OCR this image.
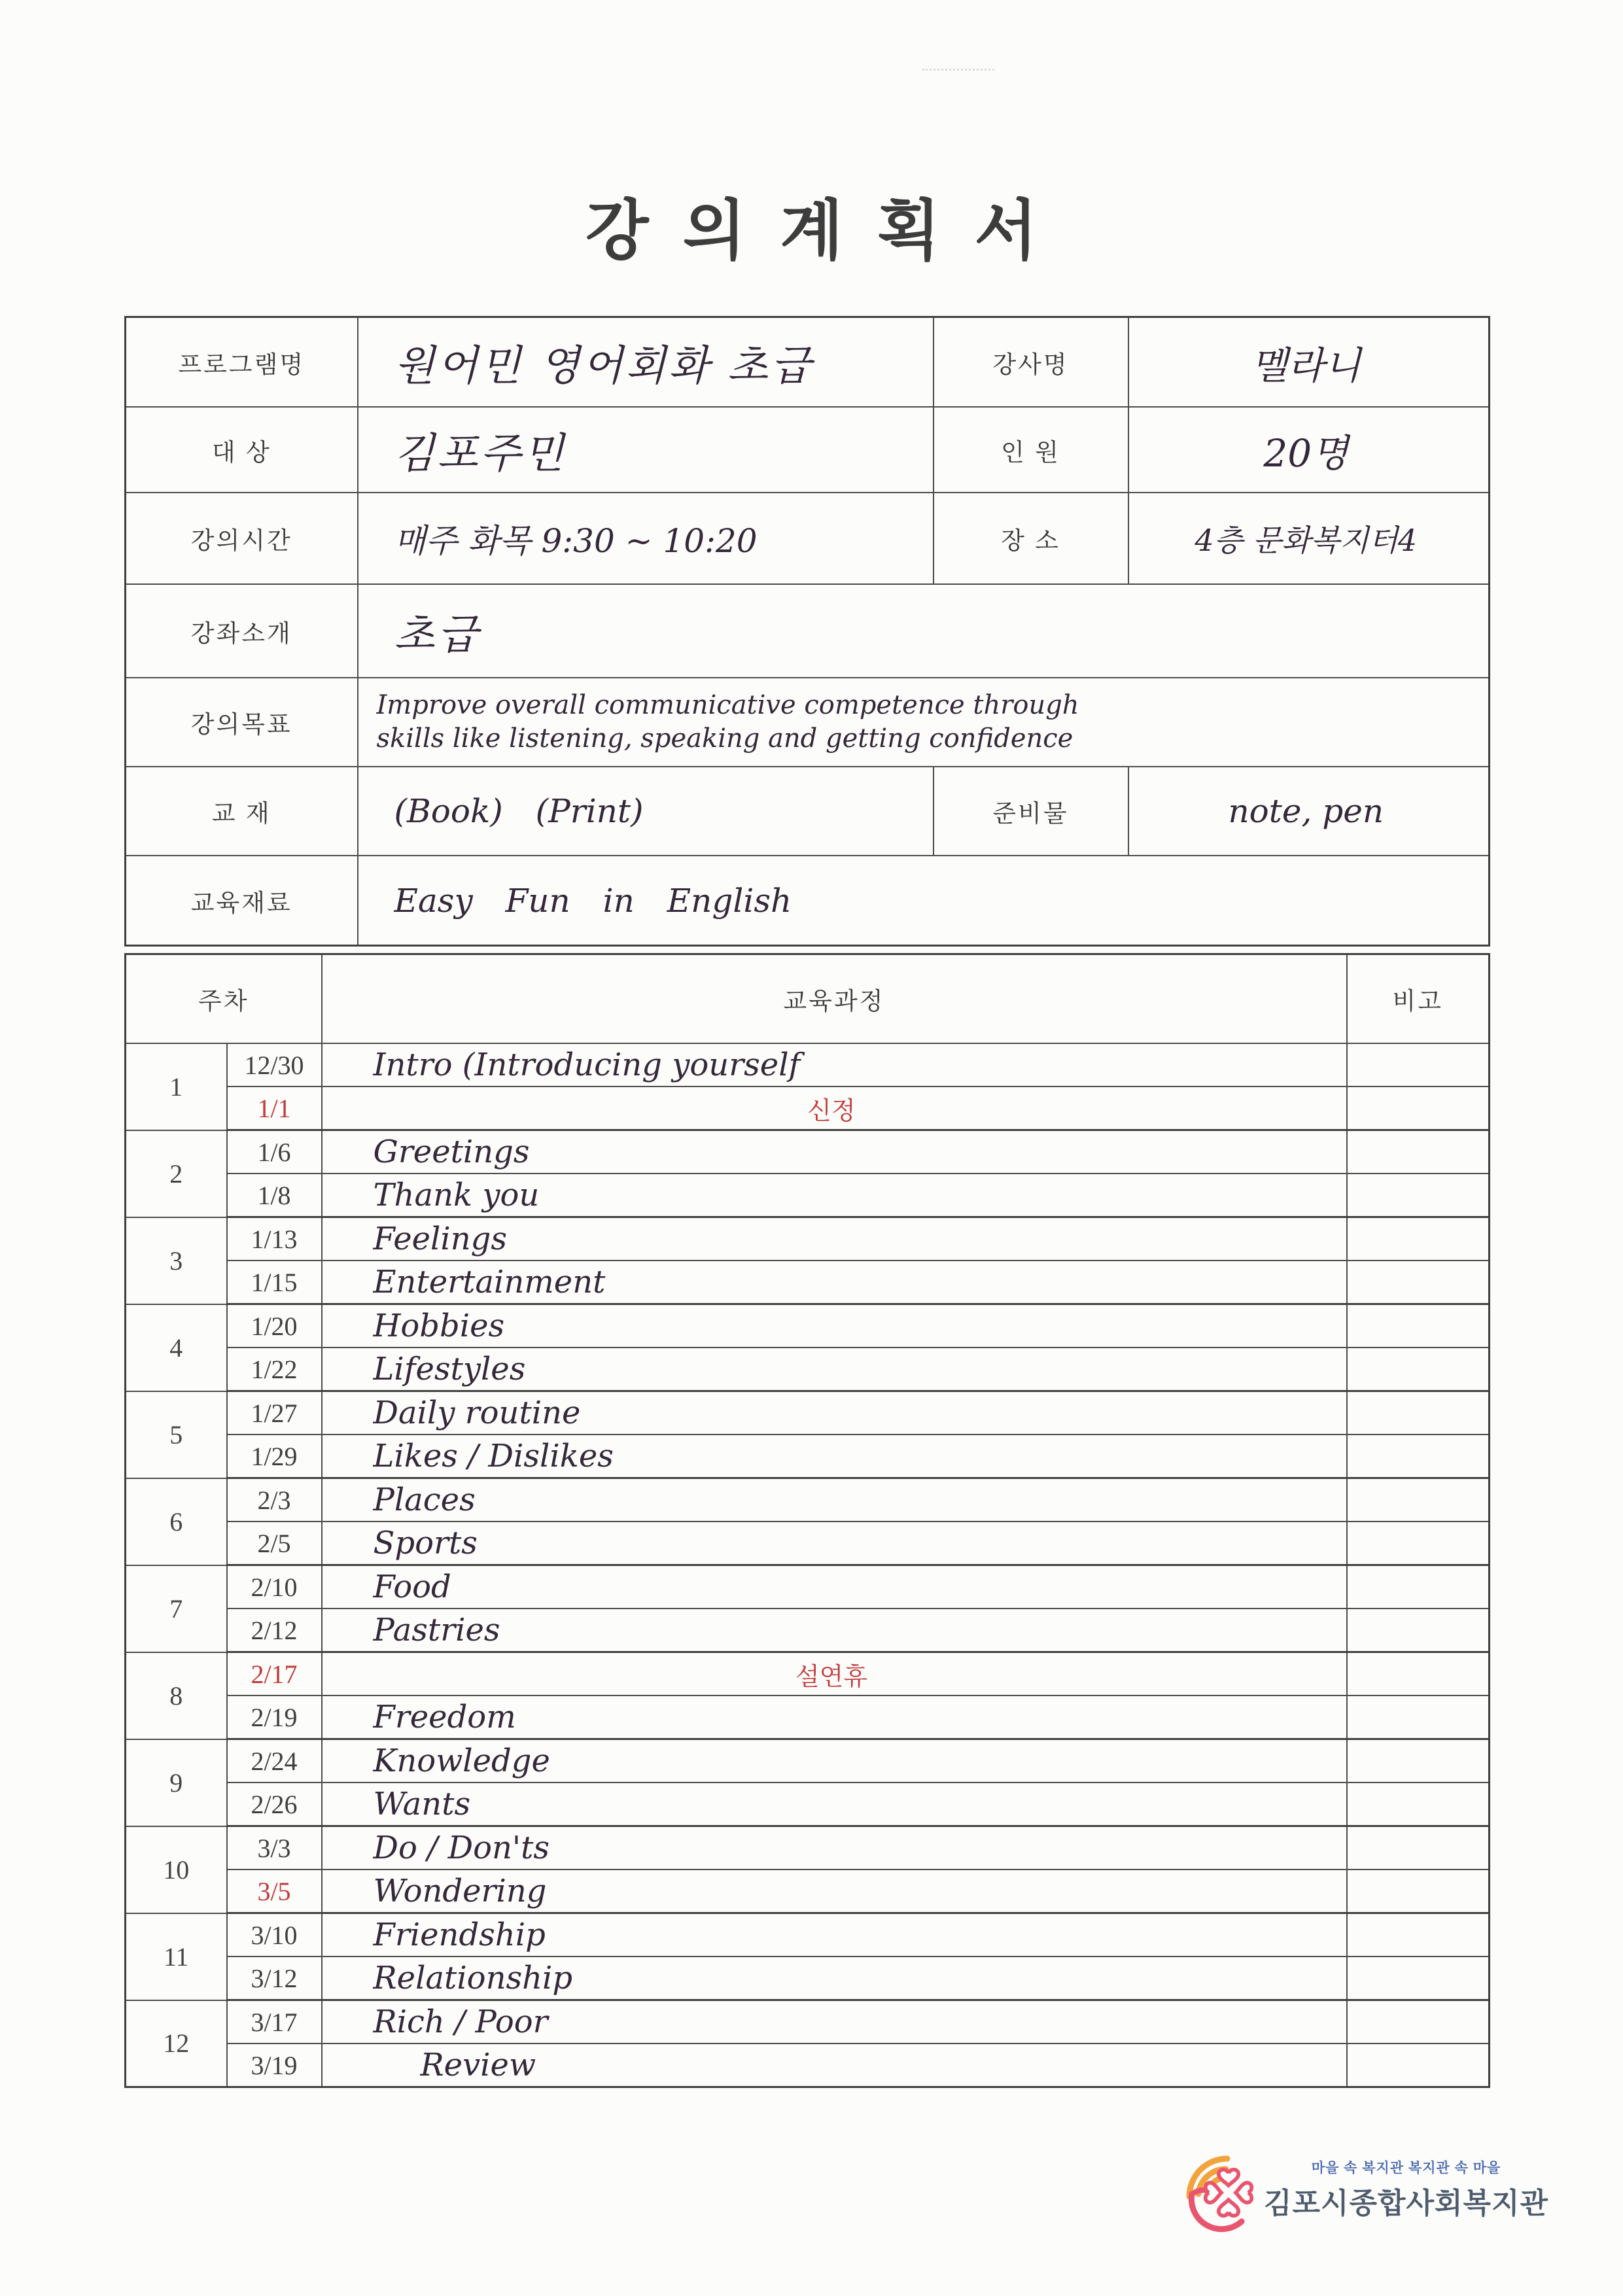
강의계획서
프로그램명	원어민 영어회화 초급	강사명	멜라니
대 상	김포주민	인 원	20명
강의시간	매주 화목 9:30 ~ 10:20	장 소	4층 문화복지터4
강좌소개	초급		
강의목표	Improve overall communicative competence through
skills like listening, speaking and getting confidence		

교 재	(Book) (Print)	준비물	note, pen
교육재료	Easy Fun in English		
주차		교육과정	비고
1	12/30	Intro (Introducing yourself	
	1/1	신정	
2	1/6	Greetings	
	1/8	Thank you	
3	1/13	Feelings	
	1/15	Entertainment	
4	1/20	Hobbies	
	1/22	Lifestyles	
5	1/27	Daily routine	
	1/29	Likes / Dislikes	
6	2/3	Places	
	2/5	Sports	
7	2/10	Food	
	2/12	Pastries	
8	2/17	설연휴	
	2/19	Freedom	
9	2/24	Knowledge	
	2/26	Wants	
10	3/3	Do / Don'ts	
	3/5	Wondering	
11	3/10	Friendship	
	3/12	Relationship	
12	3/17	Rich / Poor	
	3/19	Review	
마을 속 복지관 복지관 속 마을
김포시종합사회복지관
